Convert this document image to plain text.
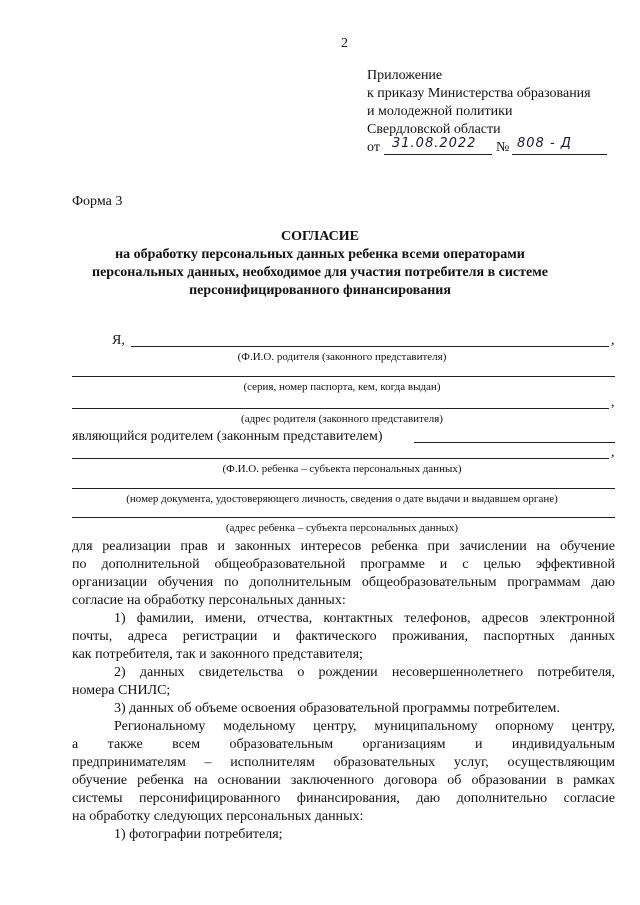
2
Приложение
к приказу Министерства образования
и молодежной политики
Свердловской области
от 31.08.2022 № 808 - Д
Форма 3
СОГЛАСИЕ
на обработку персональных данных ребенка всеми операторами
персональных данных, необходимое для участия потребителя в системе
персонифицированного финансирования
Я,	,
(Ф.И.О. родителя (законного представителя)
(серия, номер паспорта, кем, когда выдан)
,
(адрес родителя (законного представителя)
являющийся родителем (законным представителем)
,
(Ф.И.О. ребенка – субъекта персональных данных)
(номер документа, удостоверяющего личность, сведения о дате выдачи и выдавшем органе)
(адрес ребенка – субъекта персональных данных)
для реализации прав и законных интересов ребенка при зачислении на обучение
по дополнительной общеобразовательной программе и с целью эффективной
организации обучения по дополнительным общеобразовательным программам даю
согласие на обработку персональных данных:
1) фамилии, имени, отчества, контактных телефонов, адресов электронной
почты, адреса регистрации и фактического проживания, паспортных данных
как потребителя, так и законного представителя;
2) данных свидетельства о рождении несовершеннолетнего потребителя,
номера СНИЛС;
3) данных об объеме освоения образовательной программы потребителем.
Региональному модельному центру, муниципальному опорному центру,
а также всем образовательным организациям и индивидуальным
предпринимателям – исполнителям образовательных услуг, осуществляющим
обучение ребенка на основании заключенного договора об образовании в рамках
системы персонифицированного финансирования, даю дополнительно согласие
на обработку следующих персональных данных:
1) фотографии потребителя;
